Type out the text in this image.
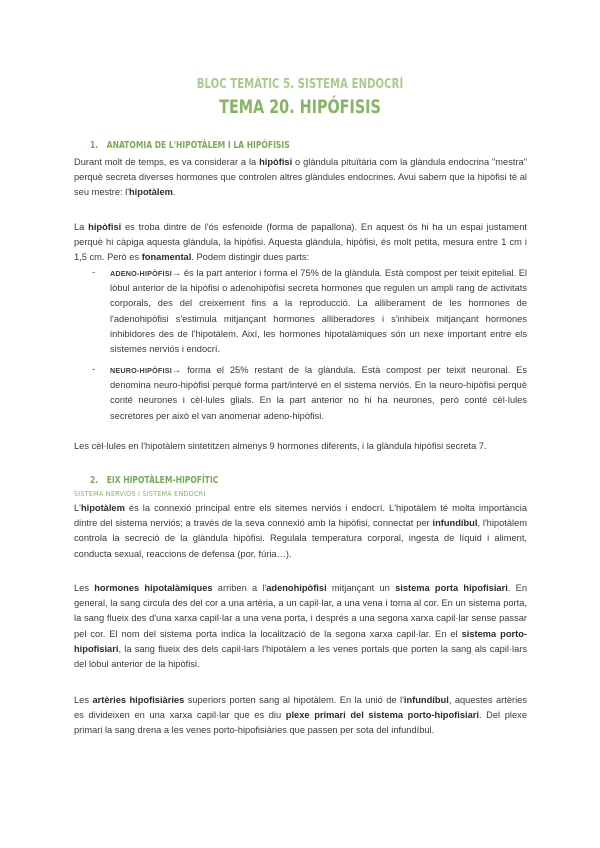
BLOC TEMÀTIC 5. SISTEMA ENDOCRÍ
TEMA 20. HIPÓFISIS
1. ANATOMIA DE L'HIPOTÀLEM I LA HIPÓFISIS
Durant molt de temps, es va considerar a la hipòfisi o glàndula pituïtària com la glàndula endocrina "mestra" perquè secreta diverses hormones que controlen altres glàndules endocrines. Avui sabem que la hipòfisi té al seu mestre: l'hipotàlem.
La hipòfisi es troba dintre de l'ós esfenoide (forma de papallona). En aquest ós hi ha un espai justament perquè hi càpiga aquesta glàndula, la hipòfisi. Aquesta glàndula, hipòfisi, és molt petita, mesura entre 1 cm i 1,5 cm. Però es fonamental. Podem distingir dues parts:
- ADENO-HIPÒFISI→ és la part anterior i forma el 75% de la glàndula. Està compost per teixit epitelial. El lòbul anterior de la hipòfisi o adenohipòfisi secreta hormones que regulen un ampli rang de activitats corporals, des del creixement fins a la reproducció. La alliberament de les hormones de l'adenohipòfisi s'estimula mitjançant hormones alliberadores i s'inhibeix mitjançant hormones inhibidores des de l'hipotàlem. Així, les hormones hipotalàmiques són un nexe important entre els sistemes nerviós i endocrí.
- NEURO-HIPÒFISI→ forma el 25% restant de la glàndula. Està compost per teixit neuronal. Es denomina neuro-hipòfisi perquè forma part/intervé en el sistema nerviós. En la neuro-hipòfisi perquè conté neurones i cèl·lules glials. En la part anterior no hi ha neurones, però conté cèl·lules secretores per això el van anomenar adeno-hipòfisi.
Les cèl·lules en l'hipotàlem sintetitzen almenys 9 hormones diferents, i la glàndula hipòfisi secreta 7.
2. EIX HIPOTÀLEM-HIPOFÍTIC
SISTEMA NERVIÓS I SISTEMA ENDOCRÍ
L'hipotàlem és la connexió principal entre els sitemes nerviós i endocrí. L'hipotàlem té molta importància dintre del sistema nerviós; a través de la seva connexió amb la hipòfisi, connectat per infundíbul, l'hipotàlem controla la secreció de la glàndula hipòfisi. Regulala temperatura corporal, ingesta de líquid i aliment, conducta sexual, reaccions de defensa (por, fúria…).
Les hormones hipotalàmiques arriben a l'adenohipòfisi mitjançant un sistema porta hipofisiari. En general, la sang circula des del cor a una artèria, a un capil·lar, a una vena i torna al cor. En un sistema porta, la sang flueix des d'una xarxa capil·lar a una vena porta, i després a una segona xarxa capil·lar sense passar pel cor. El nom del sistema porta indica la localització de la segona xarxa capil·lar. En el sistema porto-hipofisiari, la sang flueix des dels capil·lars l'hipotàlem a les venes portals que porten la sang als capil·lars del lòbul anterior de la hipòfisi.
Les artèries hipofisiàries superiors porten sang al hipotàlem. En la unió de l'infundíbul, aquestes artèries es divideixen en una xarxa capil·lar que es diu plexe primari del sistema porto-hipofisiari. Del plexe primari la sang drena a les venes porto-hipofisiàries que passen per sota del infundíbul.
